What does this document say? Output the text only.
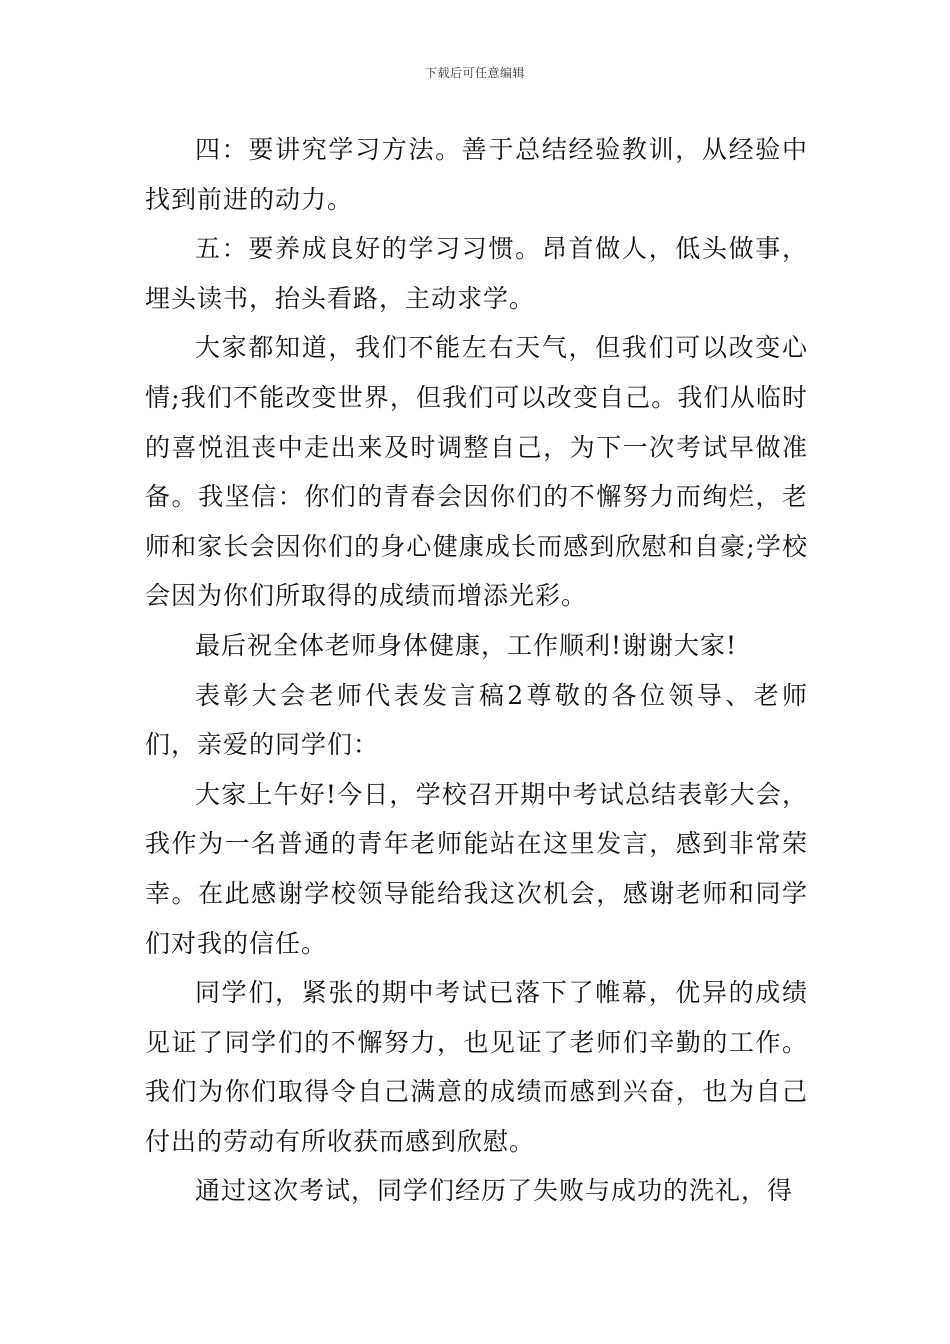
下载后可任意编辑

四：要讲究学习方法。善于总结经验教训，从经验中找到前进的动力。

五：要养成良好的学习习惯。昂首做人，低头做事，埋头读书，抬头看路，主动求学。

大家都知道，我们不能左右天气，但我们可以改变心情;我们不能改变世界，但我们可以改变自己。我们从临时的喜悦沮丧中走出来及时调整自己，为下一次考试早做准备。我坚信：你们的青春会因你们的不懈努力而绚烂，老师和家长会因你们的身心健康成长而感到欣慰和自豪;学校会因为你们所取得的成绩而增添光彩。

最后祝全体老师身体健康，工作顺利!谢谢大家!

表彰大会老师代表发言稿2尊敬的各位领导、老师们，亲爱的同学们：

大家上午好!今日，学校召开期中考试总结表彰大会，我作为一名普通的青年老师能站在这里发言，感到非常荣幸。在此感谢学校领导能给我这次机会，感谢老师和同学们对我的信任。

同学们，紧张的期中考试已落下了帷幕，优异的成绩见证了同学们的不懈努力，也见证了老师们辛勤的工作。我们为你们取得令自己满意的成绩而感到兴奋，也为自己付出的劳动有所收获而感到欣慰。

通过这次考试，同学们经历了失败与成功的洗礼，得
